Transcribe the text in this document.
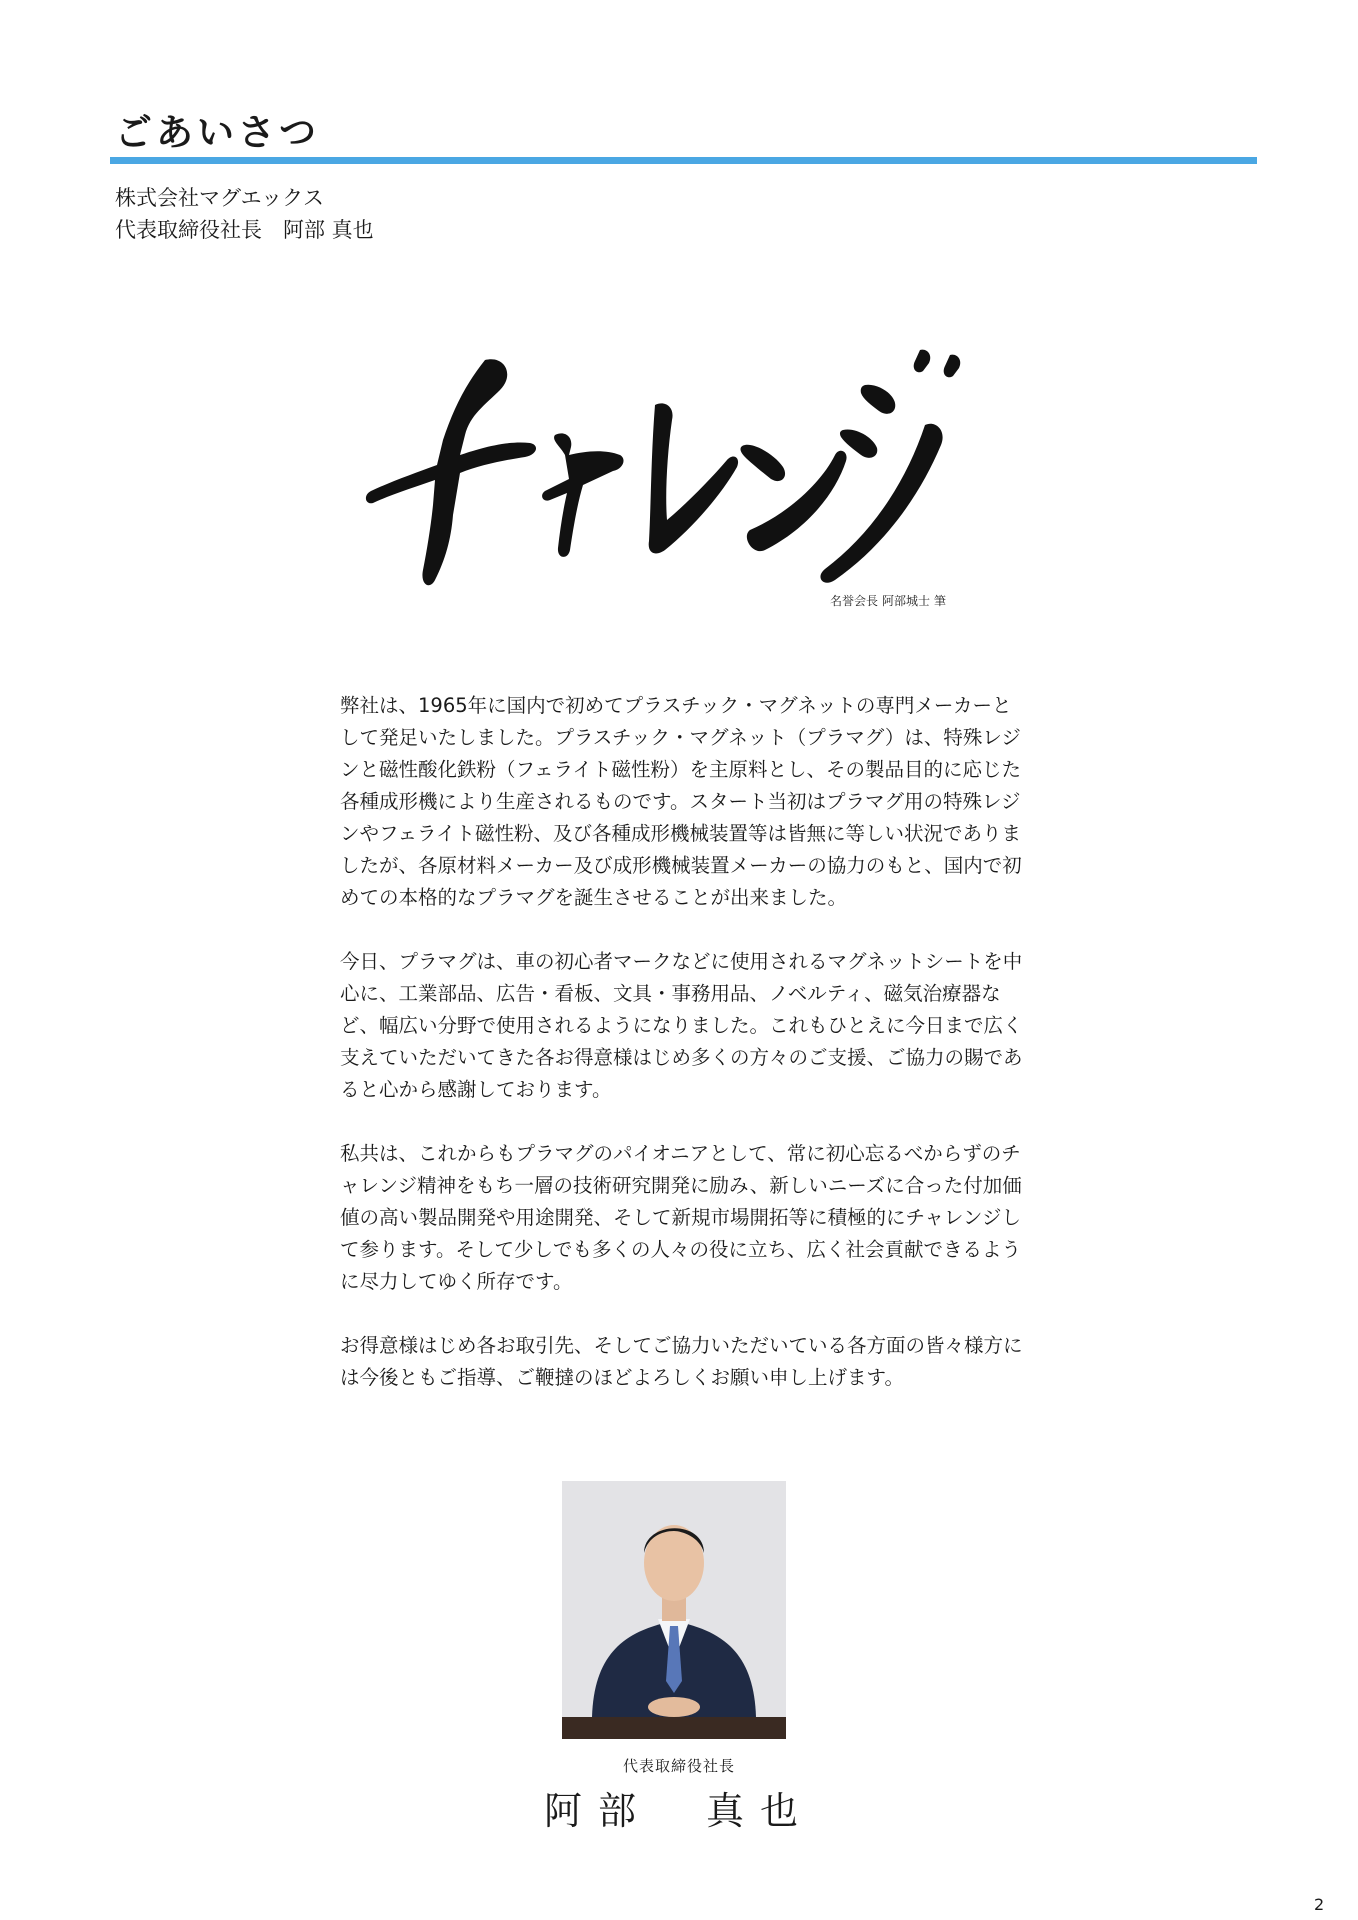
ごあいさつ
株式会社マグエックス
代表取締役社長　阿部 真也
名誉会長 阿部城士 筆

弊社は、1965年に国内で初めてプラスチック・マグネットの専門メーカーとして発足いたしました。プラスチック・マグネット（プラマグ）は、特殊レジンと磁性酸化鉄粉（フェライト磁性粉）を主原料とし、その製品目的に応じた各種成形機により生産されるものです。スタート当初はプラマグ用の特殊レジンやフェライト磁性粉、及び各種成形機械装置等は皆無に等しい状況でありましたが、各原材料メーカー及び成形機械装置メーカーの協力のもと、国内で初めての本格的なプラマグを誕生させることが出来ました。

今日、プラマグは、車の初心者マークなどに使用されるマグネットシートを中心に、工業部品、広告・看板、文具・事務用品、ノベルティ、磁気治療器など、幅広い分野で使用されるようになりました。これもひとえに今日まで広く支えていただいてきた各お得意様はじめ多くの方々のご支援、ご協力の賜であると心から感謝しております。

私共は、これからもプラマグのパイオニアとして、常に初心忘るべからずのチャレンジ精神をもち一層の技術研究開発に励み、新しいニーズに合った付加価値の高い製品開発や用途開発、そして新規市場開拓等に積極的にチャレンジして参ります。そして少しでも多くの人々の役に立ち、広く社会貢献できるように尽力してゆく所存です。

お得意様はじめ各お取引先、そしてご協力いただいている各方面の皆々様方には今後ともご指導、ご鞭撻のほどよろしくお願い申し上げます。

代表取締役社長
阿部　真也
2
